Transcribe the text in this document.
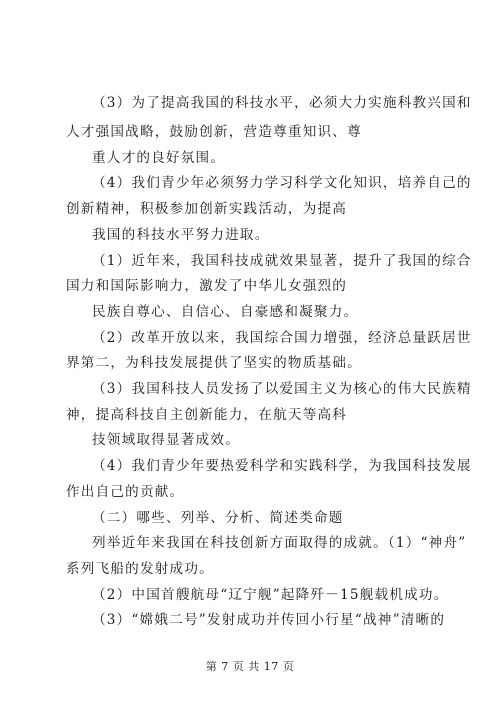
（3）为了提高我国的科技水平，必须大力实施科教兴国和
人才强国战略，鼓励创新，营造尊重知识、尊
重人才的良好氛围。
（4）我们青少年必须努力学习科学文化知识，培养自己的
创新精神，积极参加创新实践活动，为提高
我国的科技水平努力进取。
（1）近年来，我国科技成就效果显著，提升了我国的综合
国力和国际影响力，激发了中华儿女强烈的
民族自尊心、自信心、自豪感和凝聚力。
（2）改革开放以来，我国综合国力增强，经济总量跃居世
界第二，为科技发展提供了坚实的物质基础。
（3）我国科技人员发扬了以爱国主义为核心的伟大民族精
神，提高科技自主创新能力，在航天等高科
技领域取得显著成效。
（4）我们青少年要热爱科学和实践科学，为我国科技发展
作出自己的贡献。
（二）哪些、列举、分析、简述类命题
列举近年来我国在科技创新方面取得的成就。（1）“神舟”
系列飞船的发射成功。
（2）中国首艘航母“辽宁舰”起降歼－15舰载机成功。
（3）“嫦娥二号”发射成功并传回小行星“战神”清晰的
第 7 页 共 17 页
